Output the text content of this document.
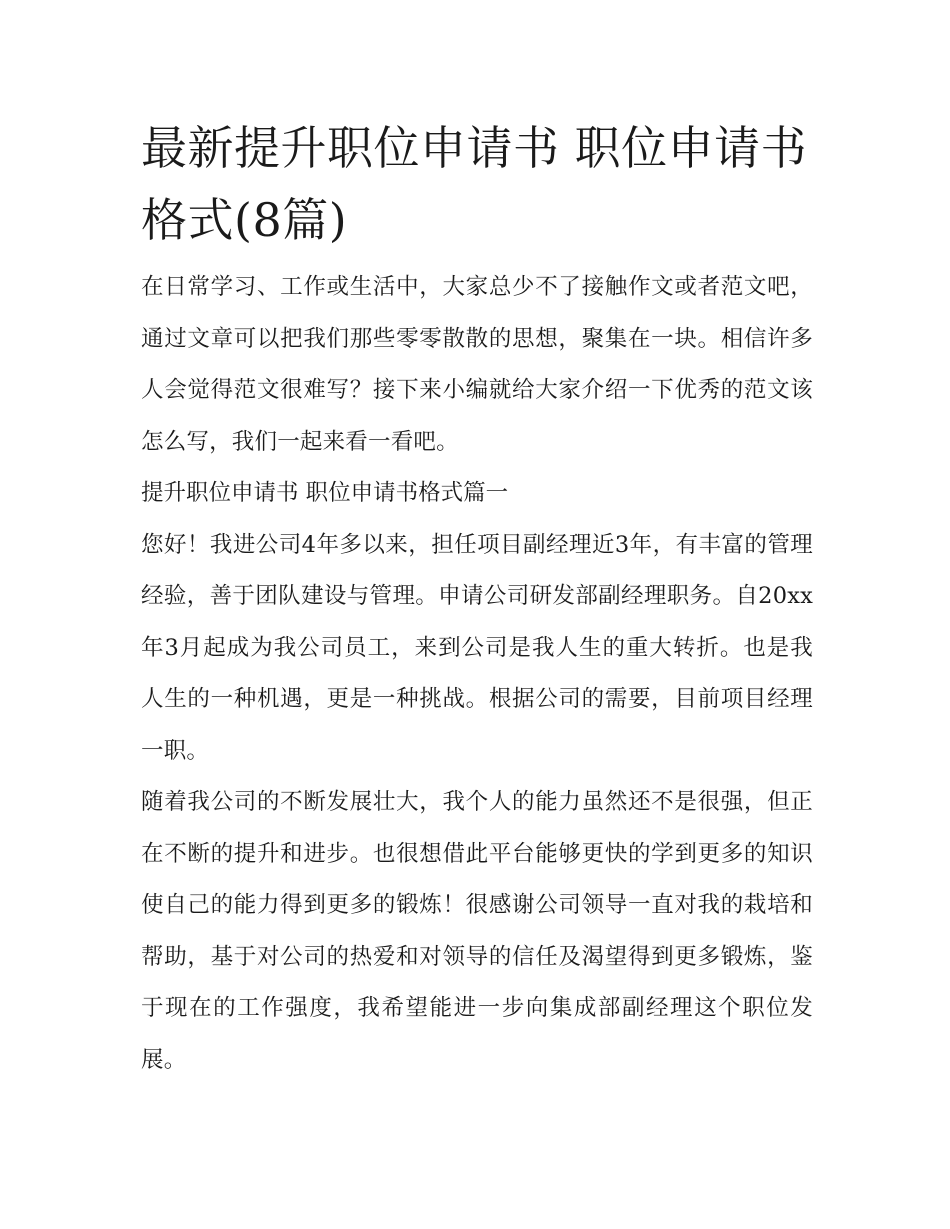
最新提升职位申请书 职位申请书格式(8篇)

在日常学习、工作或生活中，大家总少不了接触作文或者范文吧，通过文章可以把我们那些零零散散的思想，聚集在一块。相信许多人会觉得范文很难写？接下来小编就给大家介绍一下优秀的范文该怎么写，我们一起来看一看吧。

提升职位申请书 职位申请书格式篇一

您好！我进公司4年多以来，担任项目副经理近3年，有丰富的管理经验，善于团队建设与管理。申请公司研发部副经理职务。自20xx年3月起成为我公司员工，来到公司是我人生的重大转折。也是我人生的一种机遇，更是一种挑战。根据公司的需要，目前项目经理一职。

随着我公司的不断发展壮大，我个人的能力虽然还不是很强，但正在不断的提升和进步。也很想借此平台能够更快的学到更多的知识使自己的能力得到更多的锻炼！很感谢公司领导一直对我的栽培和帮助，基于对公司的热爱和对领导的信任及渴望得到更多锻炼，鉴于现在的工作强度，我希望能进一步向集成部副经理这个职位发展。
